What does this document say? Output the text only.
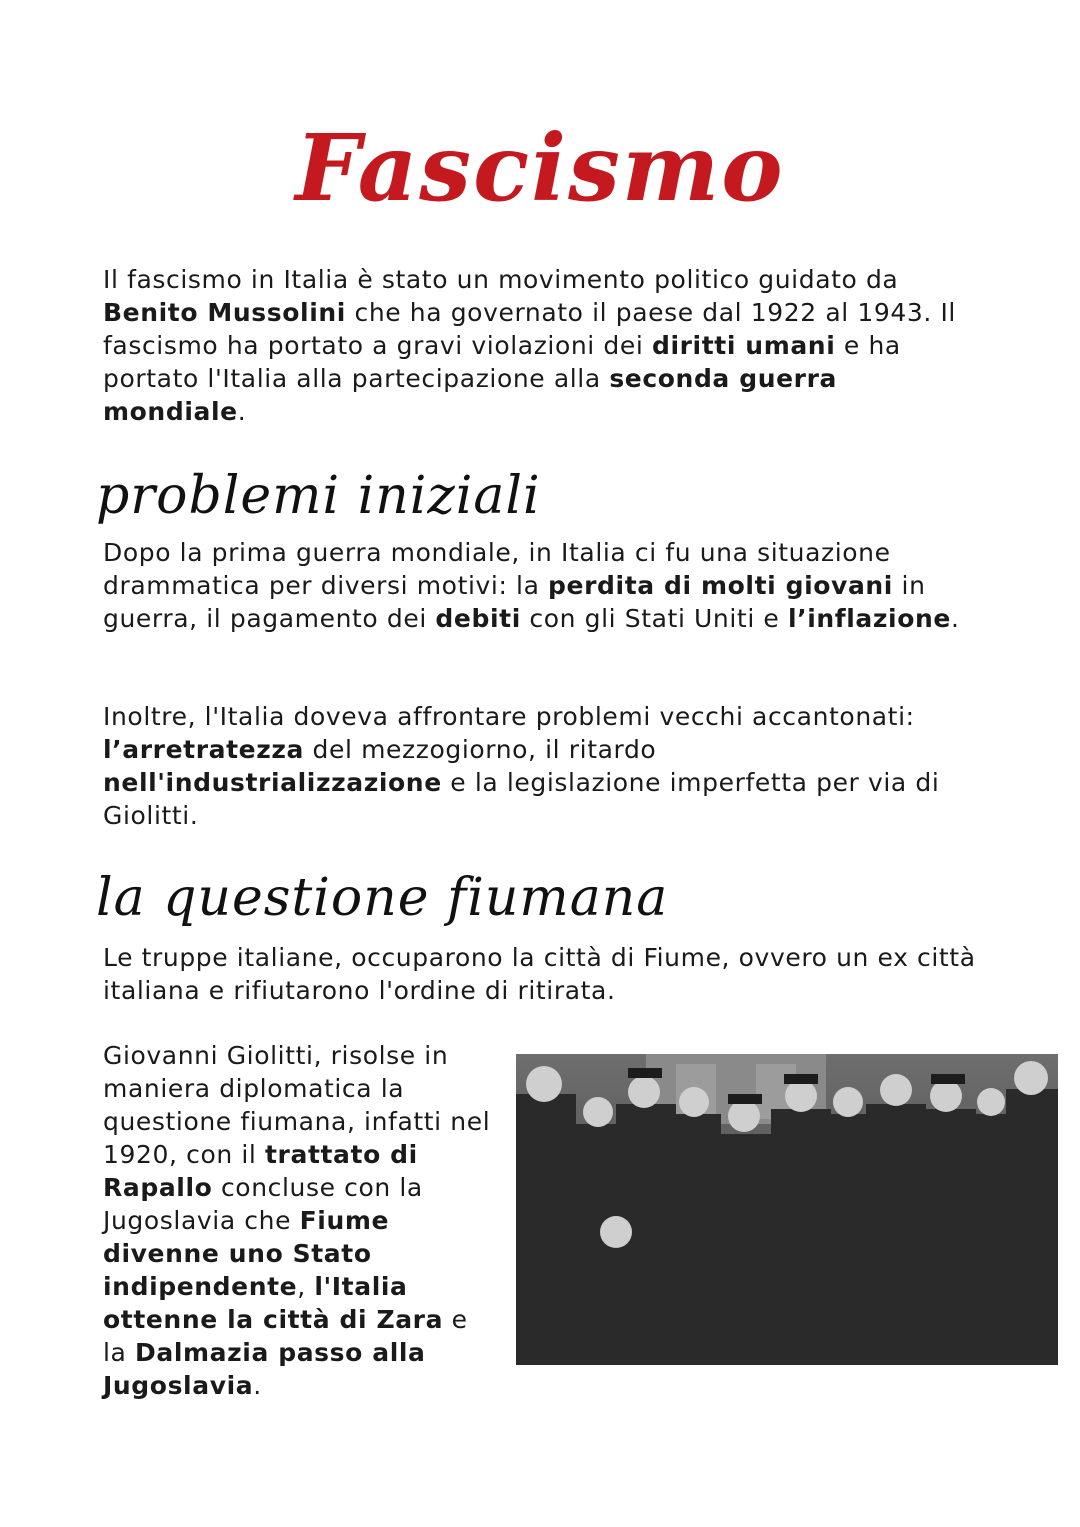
Fascismo

Il fascismo in Italia è stato un movimento politico guidato da Benito Mussolini che ha governato il paese dal 1922 al 1943. Il fascismo ha portato a gravi violazioni dei diritti umani e ha portato l'Italia alla partecipazione alla seconda guerra mondiale.

problemi iniziali

Dopo la prima guerra mondiale, in Italia ci fu una situazione drammatica per diversi motivi: la perdita di molti giovani in guerra, il pagamento dei debiti con gli Stati Uniti e l’inflazione.

Inoltre, l'Italia doveva affrontare problemi vecchi accantonati: l’arretratezza del mezzogiorno, il ritardo nell'industrializzazione e la legislazione imperfetta per via di Giolitti.

la questione fiumana

Le truppe italiane, occuparono la città di Fiume, ovvero un ex città italiana e rifiutarono l'ordine di ritirata.

Giovanni Giolitti, risolse in maniera diplomatica la questione fiumana, infatti nel 1920, con il trattato di Rapallo concluse con la Jugoslavia che Fiume divenne uno Stato indipendente, l'Italia ottenne la città di Zara e la Dalmazia passo alla Jugoslavia.
